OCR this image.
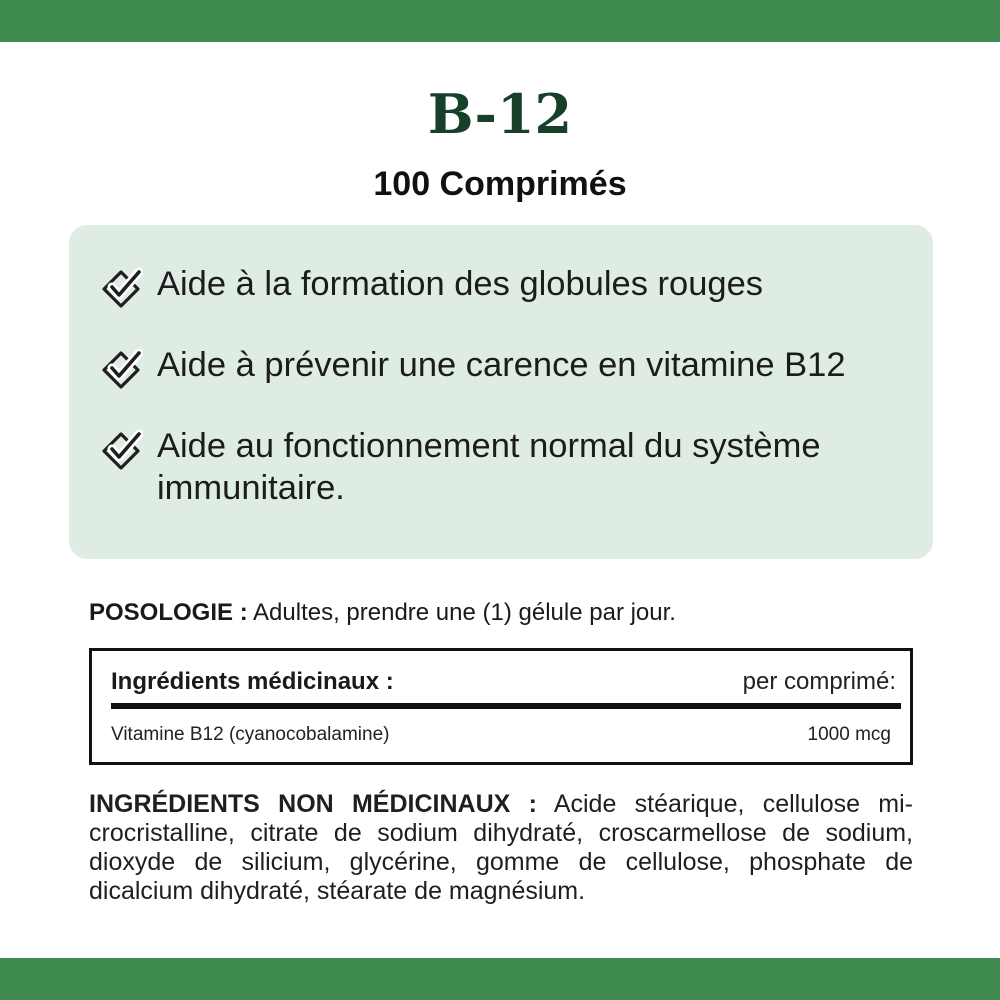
B-12
100 Comprimés
Aide à la formation des globules rouges
Aide à prévenir une carence en vitamine B12
Aide au fonctionnement normal du système immunitaire.
POSOLOGIE : Adultes, prendre une (1) gélule par jour.
Ingrédients médicinaux :	per comprimé:
Vitamine B12 (cyanocobalamine)	1000 mcg

INGRÉDIENTS NON MÉDICINAUX : Acide stéarique, cellulose mi-crocristalline, citrate de sodium dihydraté, croscarmellose de sodium, dioxyde de silicium, glycérine, gomme de cellulose, phosphate de dicalcium dihydraté, stéarate de magnésium.
